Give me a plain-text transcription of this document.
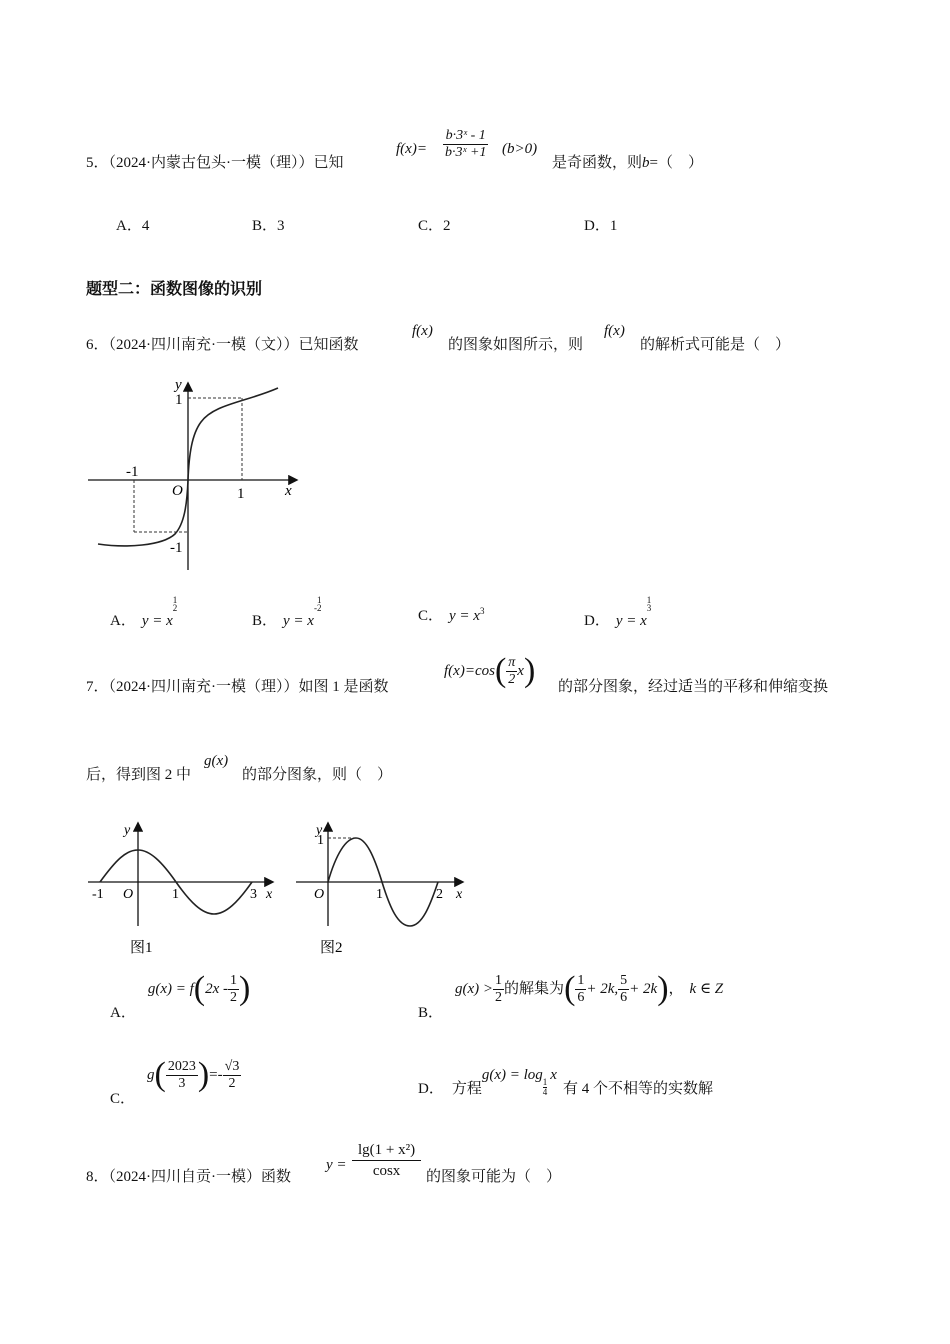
5．（2024·内蒙古包头·一模（理））已知
$f(x)= \frac{\text{b·3ˣ - 1}}{\text{b·3ˣ +1}} (b>0)$
是奇函数，则b=（　）
A．4	B．3	C．2	D．1
题型二：函数图像的识别
6．（2024·四川南充·一模（文））已知函数
f(x)
的图象如图所示，则
f(x)
的解析式可能是（　）
y
x
O
1
-1
1
-1
A． y = x
$^{1 2}$
B． y = x-
$^{1 2}$	C． $y = x^3$
D． y = x
$^{1 3}$
7．（2024·四川南充·一模（理））如图 1 是函数
$f(x)=\cos( \frac{\pi}{2} x)$ 的部分图象，经过适当的平移和伸缩变换
后，得到图 2 中
g(x)
的部分图象，则（　）
y
x
O
-1	1	3
图1
y
x
O
1
1	2
图2
A．$g(x) = f(2x - \frac{1}{2}$ )
B．$g(x) > \frac{1}{2}$ 的解集为( $\frac{1}{6} + 2k$, $\frac{5}{6} + 2k$)， k ∈ Z
C．$g( \frac{2023}{3}$ )=- $\frac{√3}{2}$	D． 方程g(x) = log
$\frac{1}{4}$
x有 4 个不相等的实数解
8．（2024·四川自贡·一模）函数
$y = \frac{\text{lg(1 + x²)}}{\cos x}$ 的图象可能为（　）
